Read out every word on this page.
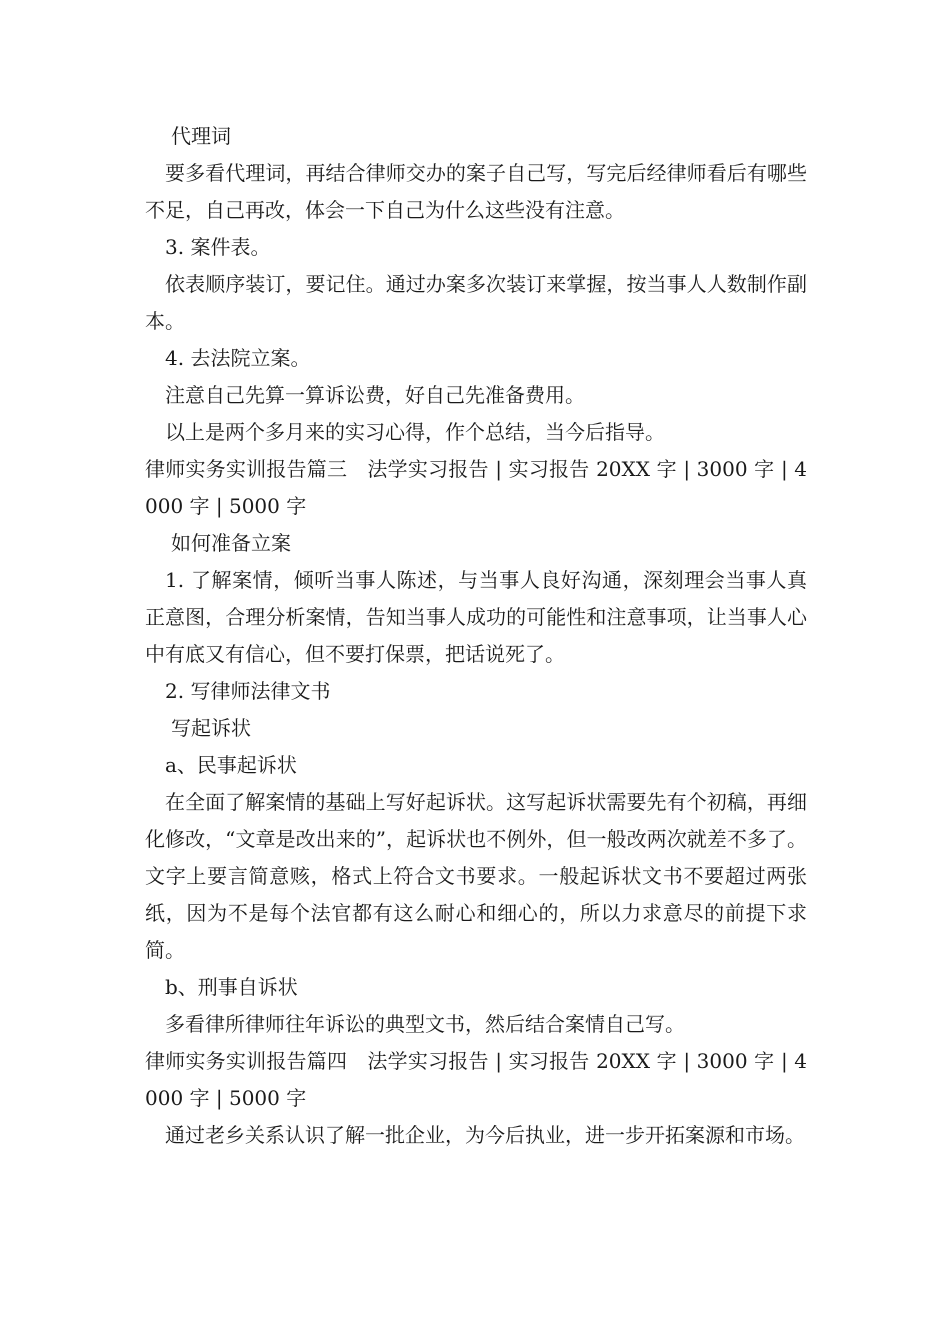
代理词

要多看代理词，再结合律师交办的案子自己写，写完后经律师看后有哪些不足，自己再改，体会一下自己为什么这些没有注意。

3. 案件表。

依表顺序装订，要记住。通过办案多次装订来掌握，按当事人人数制作副本。

4. 去法院立案。

注意自己先算一算诉讼费，好自己先准备费用。

以上是两个多月来的实习心得，作个总结，当今后指导。

律师实务实训报告篇三　法学实习报告 | 实习报告 20XX 字 | 3000 字 | 4000 字 | 5000 字

如何准备立案

1. 了解案情，倾听当事人陈述，与当事人良好沟通，深刻理会当事人真正意图，合理分析案情，告知当事人成功的可能性和注意事项，让当事人心中有底又有信心，但不要打保票，把话说死了。

2. 写律师法律文书

写起诉状

a、民事起诉状

在全面了解案情的基础上写好起诉状。这写起诉状需要先有个初稿，再细化修改，“文章是改出来的”，起诉状也不例外，但一般改两次就差不多了。文字上要言简意赅，格式上符合文书要求。一般起诉状文书不要超过两张纸，因为不是每个法官都有这么耐心和细心的，所以力求意尽的前提下求简。

b、刑事自诉状

多看律所律师往年诉讼的典型文书，然后结合案情自己写。

律师实务实训报告篇四　法学实习报告 | 实习报告 20XX 字 | 3000 字 | 4000 字 | 5000 字

通过老乡关系认识了解一批企业，为今后执业，进一步开拓案源和市场。
